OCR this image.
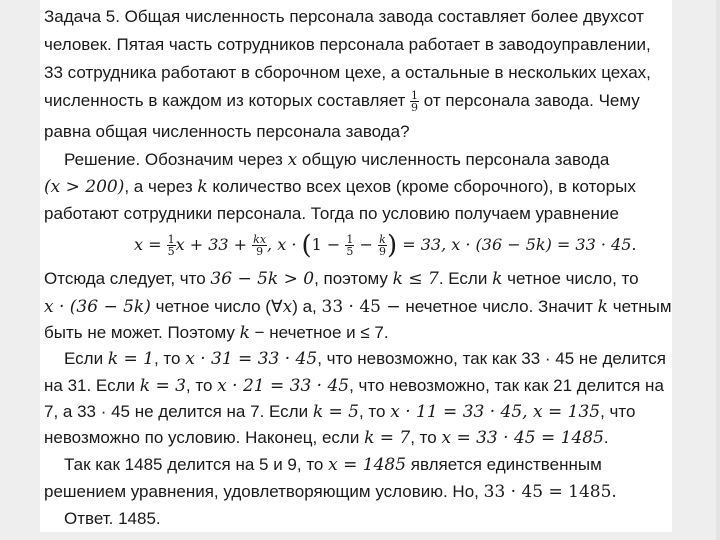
Задача 5. Общая численность персонала завода составляет более двухсот
человек. Пятая часть сотрудников персонала работает в заводоуправлении,
33 сотрудника работают в сборочном цехе, а остальные в нескольких цехах,
численность в каждом из которых составляет $\frac{1}{9}$ от персонала завода. Чему
равна общая численность персонала завода?
Решение. Обозначим через x общую численность персонала завода
(x > 200), а через k количество всех цехов (кроме сборочного), в которых
работают сотрудники персонала. Тогда по условию получаем уравнение
$x = \frac{1}{5}$ $x + 33 + \frac{kx}{9}$ , $x \cdot (1 - \frac{1}{5} - \frac{k}{9}$ ) = 33, x · (36 − 5k) = 33 · 45.
Отсюда следует, что 36 − 5k > 0, поэтому k ≤ 7. Если k четное число, то
x · (36 − 5k) четное число (∀x) а, 33 · 45 − нечетное число. Значит k четным
быть не может. Поэтому k − нечетное и ≤ 7.
Если k = 1, то x · 31 = 33 · 45, что невозможно, так как 33 · 45 не делится
на 31. Если k = 3, то x · 21 = 33 · 45, что невозможно, так как 21 делится на
7, а 33 · 45 не делится на 7. Если k = 5, то x · 11 = 33 · 45, x = 135, что
невозможно по условию. Наконец, если k = 7, то x = 33 · 45 = 1485.
Так как 1485 делится на 5 и 9, то x = 1485 является единственным
решением уравнения, удовлетворяющим условию. Но, 33 · 45 = 1485.
Ответ. 1485.
